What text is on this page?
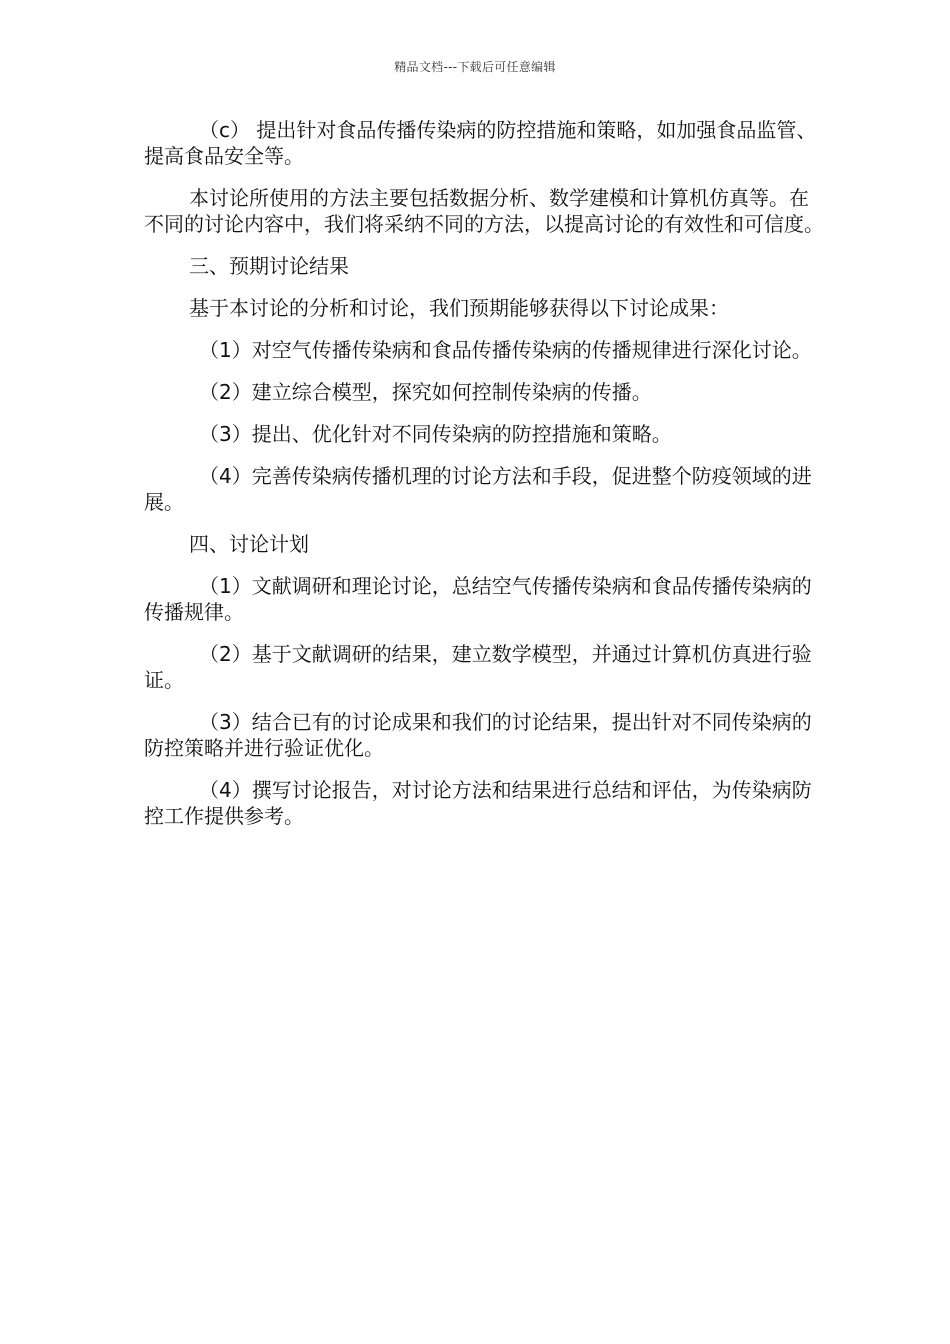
精品文档---下载后可任意编辑

（c） 提出针对食品传播传染病的防控措施和策略，如加强食品监管、提高食品安全等。

本讨论所使用的方法主要包括数据分析、数学建模和计算机仿真等。在不同的讨论内容中，我们将采纳不同的方法，以提高讨论的有效性和可信度。

三、预期讨论结果

基于本讨论的分析和讨论，我们预期能够获得以下讨论成果：

（1）对空气传播传染病和食品传播传染病的传播规律进行深化讨论。

（2）建立综合模型，探究如何控制传染病的传播。

（3）提出、优化针对不同传染病的防控措施和策略。

（4）完善传染病传播机理的讨论方法和手段，促进整个防疫领域的进展。

四、讨论计划

（1）文献调研和理论讨论，总结空气传播传染病和食品传播传染病的传播规律。

（2）基于文献调研的结果，建立数学模型，并通过计算机仿真进行验证。

（3）结合已有的讨论成果和我们的讨论结果，提出针对不同传染病的防控策略并进行验证优化。

（4）撰写讨论报告，对讨论方法和结果进行总结和评估，为传染病防控工作提供参考。
